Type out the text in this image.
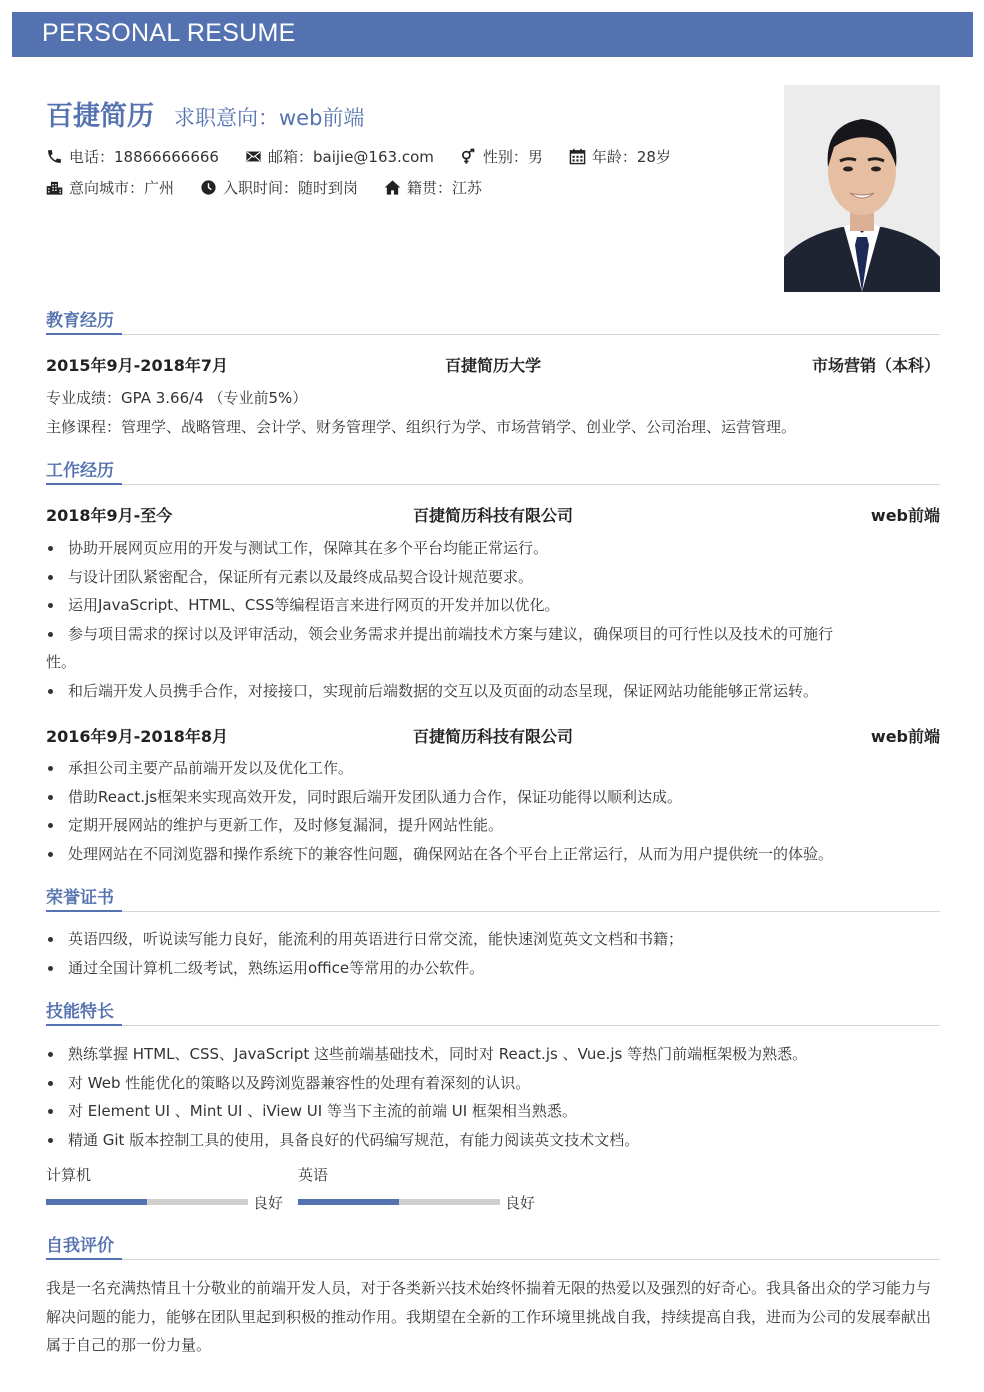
PERSONAL RESUME
百捷简历 求职意向：web前端
电话：18866666666	邮箱：baijie@163.com	性别：男	年龄：28岁
意向城市：广州	入职时间：随时到岗	籍贯：江苏
教育经历
2015年9月-2018年7月	百捷简历大学	市场营销（本科）
专业成绩：GPA 3.66/4 （专业前5%）
主修课程：管理学、战略管理、会计学、财务管理学、组织行为学、市场营销学、创业学、公司治理、运营管理。
工作经历
2018年9月-至今	百捷简历科技有限公司	web前端
协助开展网页应用的开发与测试工作，保障其在多个平台均能正常运行。
与设计团队紧密配合，保证所有元素以及最终成品契合设计规范要求。
运用JavaScript、HTML、CSS等编程语言来进行网页的开发并加以优化。
参与项目需求的探讨以及评审活动，领会业务需求并提出前端技术方案与建议，确保项目的可行性以及技术的可施行
性。
和后端开发人员携手合作，对接接口，实现前后端数据的交互以及页面的动态呈现，保证网站功能能够正常运转。
2016年9月-2018年8月	百捷简历科技有限公司	web前端
承担公司主要产品前端开发以及优化工作。
借助React.js框架来实现高效开发，同时跟后端开发团队通力合作，保证功能得以顺利达成。
定期开展网站的维护与更新工作，及时修复漏洞，提升网站性能。
处理网站在不同浏览器和操作系统下的兼容性问题，确保网站在各个平台上正常运行，从而为用户提供统一的体验。
荣誉证书
英语四级，听说读写能力良好，能流利的用英语进行日常交流，能快速浏览英文文档和书籍；
通过全国计算机二级考试，熟练运用office等常用的办公软件。
技能特长
熟练掌握 HTML、CSS、JavaScript 这些前端基础技术，同时对 React.js 、Vue.js 等热门前端框架极为熟悉。
对 Web 性能优化的策略以及跨浏览器兼容性的处理有着深刻的认识。
对 Element UI 、Mint UI 、iView UI 等当下主流的前端 UI 框架相当熟悉。
精通 Git 版本控制工具的使用，具备良好的代码编写规范，有能力阅读英文技术文档。
计算机
良好
英语
良好
自我评价
我是一名充满热情且十分敬业的前端开发人员，对于各类新兴技术始终怀揣着无限的热爱以及强烈的好奇心。我具备出众的学习能力与解决问题的能力，能够在团队里起到积极的推动作用。我期望在全新的工作环境里挑战自我，持续提高自我，进而为公司的发展奉献出属于自己的那一份力量。
